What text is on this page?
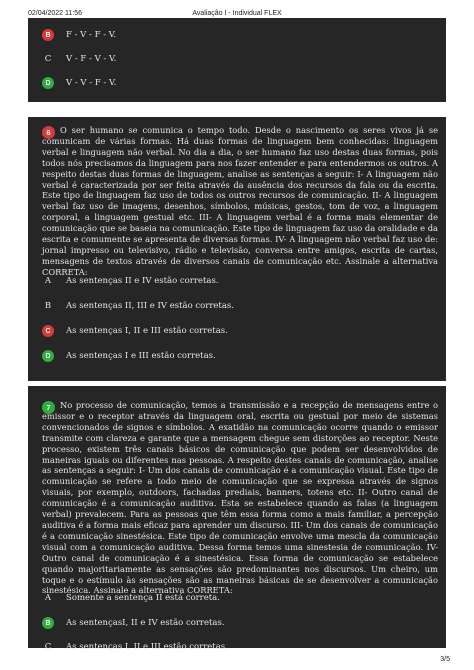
02/04/2022 11:56	Avaliação I - Individual FLEX
B	F - V - F - V.
C	V - F - V - V.
D	V - V - F - V.
6	O ser humano se comunica o tempo todo. Desde o nascimento os seres vivos já se comunicam de várias formas. Há duas formas de linguagem bem conhecidas: linguagem verbal e linguagem não verbal. No dia a dia, o ser humano faz uso destas duas formas, pois todos nós precisamos da linguagem para nos fazer entender e para entendermos os outros. A respeito destas duas formas de linguagem, analise as sentenças a seguir: I- A linguagem não verbal é caracterizada por ser feita através da ausência dos recursos da fala ou da escrita. Este tipo de linguagem faz uso de todos os outros recursos de comunicação. II- A linguagem verbal faz uso de imagens, desenhos, símbolos, músicas, gestos, tom de voz, a linguagem corporal, a linguagem gestual etc. III- A linguagem verbal é a forma mais elementar de comunicação que se baseia na comunicação. Este tipo de linguagem faz uso da oralidade e da escrita e comumente se apresenta de diversas formas. IV- A linguagem não verbal faz uso de: jornal impresso ou televisivo, rádio e televisão, conversa entre amigos, escrita de cartas, mensagens de textos através de diversos canais de comunicação etc. Assinale a alternativa CORRETA:
A	As sentenças II e IV estão corretas.
B	As sentenças II, III e IV estão corretas.
C	As sentenças I, II e III estão corretas.
D	As sentenças I e III estão corretas.
7	No processo de comunicação, temos a transmissão e a recepção de mensagens entre o emissor e o receptor através da linguagem oral, escrita ou gestual por meio de sistemas convencionados de signos e símbolos. A exatidão na comunicação ocorre quando o emissor transmite com clareza e garante que a mensagem chegue sem distorções ao receptor. Neste processo, existem três canais básicos de comunicação que podem ser desenvolvidos de maneiras iguais ou diferentes nas pessoas. A respeito destes canais de comunicação, analise as sentenças a seguir: I- Um dos canais de comunicação é a comunicação visual. Este tipo de comunicação se refere a todo meio de comunicação que se expressa através de signos visuais, por exemplo, outdoors, fachadas prediais, banners, totens etc. II- Outro canal de comunicação é a comunicação auditiva. Esta se estabelece quando as falas (a linguagem verbal) prevalecem. Para as pessoas que têm essa forma como a mais familiar, a percepção auditiva é a forma mais eficaz para aprender um discurso. III- Um dos canais de comunicação é a comunicação sinestésica. Este tipo de comunicação envolve uma mescla da comunicação visual com a comunicação auditiva. Dessa forma temos uma sinestesia de comunicação. IV- Outro canal de comunicação é a sinestésica. Essa forma de comunicação se estabelece quando majoritariamente as sensações são predominantes nos discursos. Um cheiro, um toque e o estímulo às sensações são as maneiras básicas de se desenvolver a comunicação sinestésica. Assinale a alternativa CORRETA:
A	Somente a sentença II está correta.
B	As sentençasI, II e IV estão corretas.
C	As sentenças I, II e III estão corretas.
3/5
